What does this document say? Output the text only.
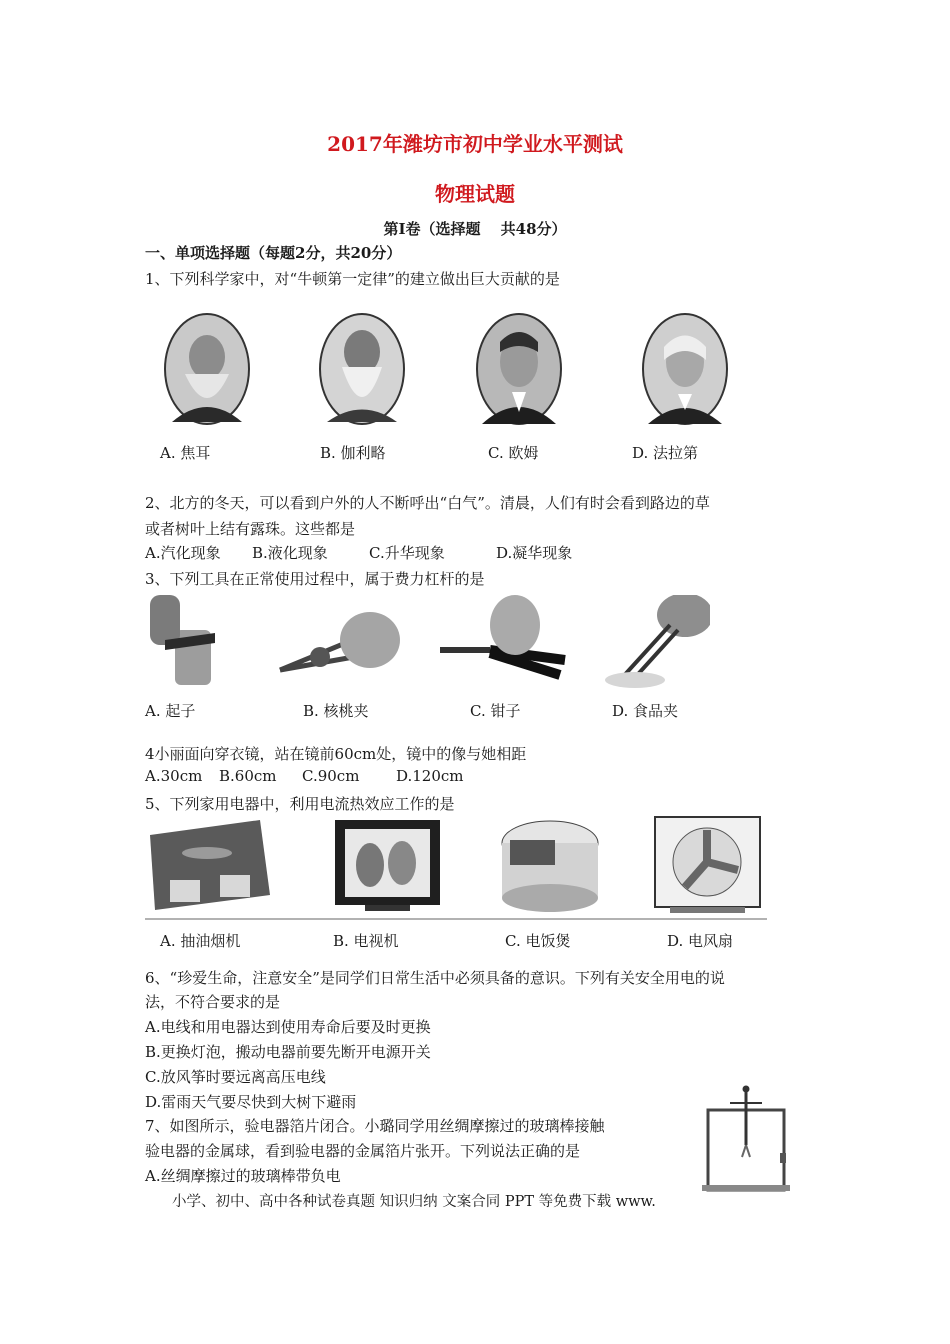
2017年潍坊市初中学业水平测试
物理试题
第Ⅰ卷（选择题　 共48分）
一、单项选择题（每题2分，共20分）
1、下列科学家中，对“牛顿第一定律”的建立做出巨大贡献的是
A. 焦耳	B. 伽利略	C. 欧姆	D. 法拉第
2、北方的冬天，可以看到户外的人不断呼出“白气”。清晨，人们有时会看到路边的草
或者树叶上结有露珠。这些都是
A.汽化现象 B.液化现象	C.升华现象	D.凝华现象
3、下列工具在正常使用过程中，属于费力杠杆的是
A. 起子	B. 核桃夹	C. 钳子	D. 食品夹
4小丽面向穿衣镜，站在镜前60cm处，镜中的像与她相距
A.30cm B.60cm C.90cm D.120cm
5、下列家用电器中，利用电流热效应工作的是
A. 抽油烟机	B. 电视机	C. 电饭煲	D. 电风扇
6、“珍爱生命，注意安全”是同学们日常生活中必须具备的意识。下列有关安全用电的说
法，不符合要求的是
A.电线和用电器达到使用寿命后要及时更换
B.更换灯泡，搬动电器前要先断开电源开关
C.放风筝时要远离高压电线
D.雷雨天气要尽快到大树下避雨
7、如图所示，验电器箔片闭合。小璐同学用丝绸摩擦过的玻璃棒接触
验电器的金属球，看到验电器的金属箔片张开。下列说法正确的是
A.丝绸摩擦过的玻璃棒带负电
小学、初中、高中各种试卷真题 知识归纳 文案合同 PPT 等免费下载 www.
